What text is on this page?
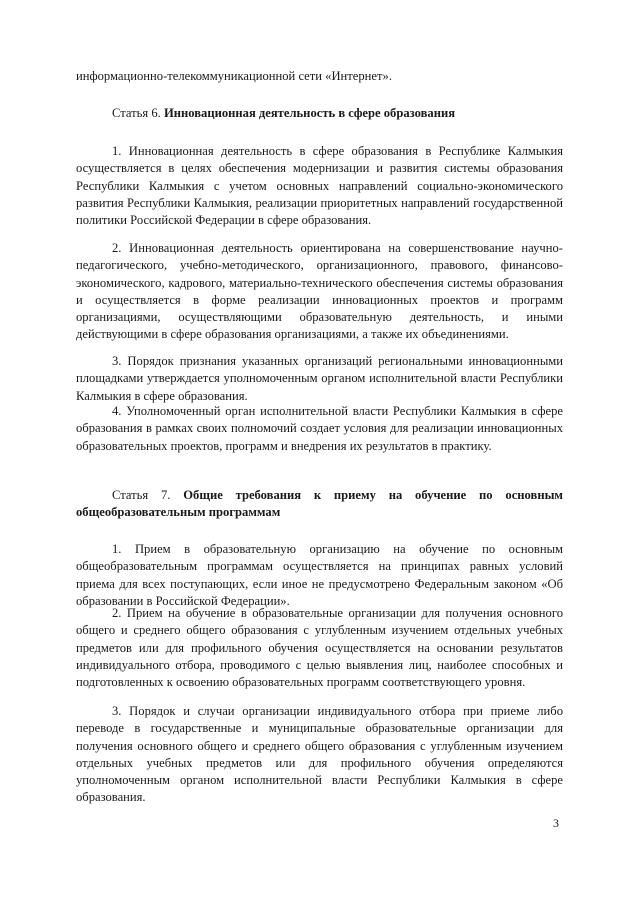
информационно-телекоммуникационной сети «Интернет».

Статья 6. Инновационная деятельность в сфере образования

1. Инновационная деятельность в сфере образования в Республике Калмыкия осуществляется в целях обеспечения модернизации и развития системы образования Республики Калмыкия с учетом основных направлений социально-экономического развития Республики Калмыкия, реализации приоритетных направлений государственной политики Российской Федерации в сфере образования.

2. Инновационная деятельность ориентирована на совершенствование научно-педагогического, учебно-методического, организационного, правового, финансово-экономического, кадрового, материально-технического обеспечения системы образования и осуществляется в форме реализации инновационных проектов и программ организациями, осуществляющими образовательную деятельность, и иными действующими в сфере образования организациями, а также их объединениями.

3. Порядок признания указанных организаций региональными инновационными площадками утверждается уполномоченным органом исполнительной власти Республики Калмыкия в сфере образования.

4. Уполномоченный орган исполнительной власти Республики Калмыкия в сфере образования в рамках своих полномочий создает условия для реализации инновационных образовательных проектов, программ и внедрения их результатов в практику.

Статья 7. Общие требования к приему на обучение по основным общеобразовательным программам

1. Прием в образовательную организацию на обучение по основным общеобразовательным программам осуществляется на принципах равных условий приема для всех поступающих, если иное не предусмотрено Федеральным законом «Об образовании в Российской Федерации».

2. Прием на обучение в образовательные организации для получения основного общего и среднего общего образования с углубленным изучением отдельных учебных предметов или для профильного обучения осуществляется на основании результатов индивидуального отбора, проводимого с целью выявления лиц, наиболее способных и подготовленных к освоению образовательных программ соответствующего уровня.

3. Порядок и случаи организации индивидуального отбора при приеме либо переводе в государственные и муниципальные образовательные организации для получения основного общего и среднего общего образования с углубленным изучением отдельных учебных предметов или для профильного обучения определяются уполномоченным органом исполнительной власти Республики Калмыкия в сфере образования.

3
